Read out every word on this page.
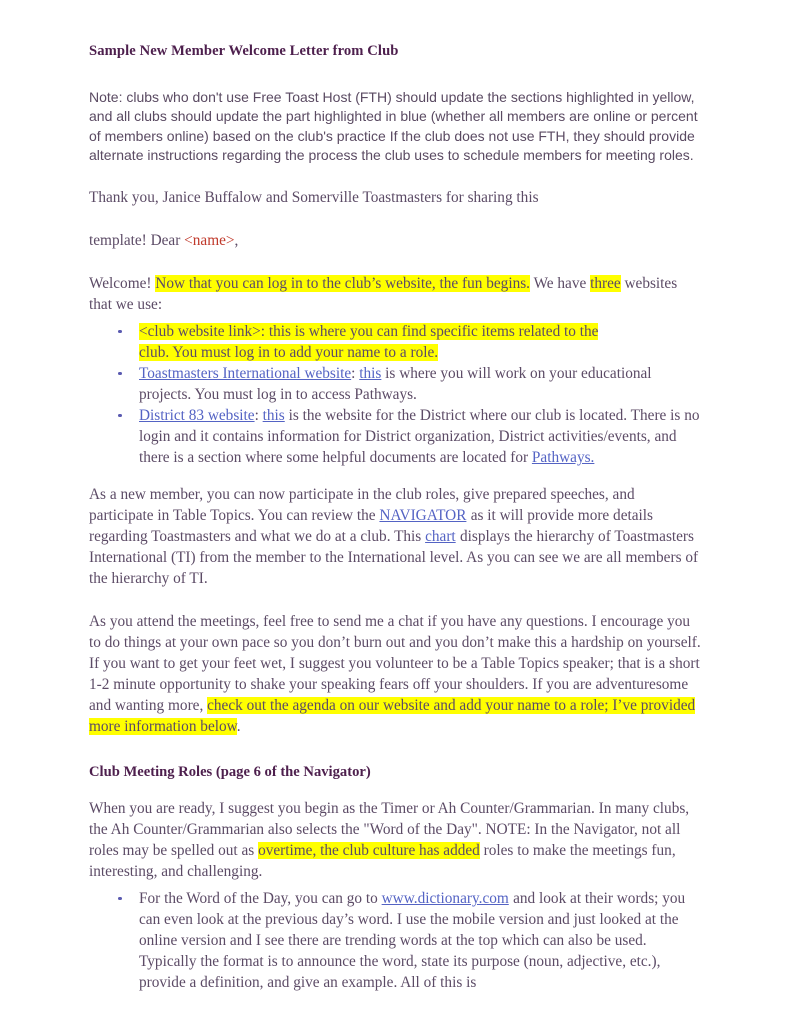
Sample New Member Welcome Letter from Club

Note: clubs who don't use Free Toast Host (FTH) should update the sections highlighted in yellow, and all clubs should update the part highlighted in blue (whether all members are online or percent of members online) based on the club's practice If the club does not use FTH, they should provide alternate instructions regarding the process the club uses to schedule members for meeting roles.

Thank you, Janice Buffalow and Somerville Toastmasters for sharing this

template! Dear <name>,

Welcome! Now that you can log in to the club’s website, the fun begins. We have three websites that we use:

<club website link>: this is where you can find specific items related to the
club. You must log in to add your name to a role.
Toastmasters International website: this is where you will work on your educational projects. You must log in to access Pathways.
District 83 website: this is the website for the District where our club is located. There is no login and it contains information for District organization, District activities/events, and there is a section where some helpful documents are located for Pathways.

As a new member, you can now participate in the club roles, give prepared speeches, and participate in Table Topics. You can review the NAVIGATOR as it will provide more details regarding Toastmasters and what we do at a club. This chart displays the hierarchy of Toastmasters International (TI) from the member to the International level. As you can see we are all members of the hierarchy of TI.

As you attend the meetings, feel free to send me a chat if you have any questions. I encourage you to do things at your own pace so you don’t burn out and you don’t make this a hardship on yourself. If you want to get your feet wet, I suggest you volunteer to be a Table Topics speaker; that is a short 1-2 minute opportunity to shake your speaking fears off your shoulders. If you are adventuresome and wanting more, check out the agenda on our website and add your name to a role; I’ve provided more information below.

Club Meeting Roles (page 6 of the Navigator)

When you are ready, I suggest you begin as the Timer or Ah Counter/Grammarian. In many clubs, the Ah Counter/Grammarian also selects the "Word of the Day". NOTE: In the Navigator, not all roles may be spelled out as overtime, the club culture has added roles to make the meetings fun, interesting, and challenging.

For the Word of the Day, you can go to www.dictionary.com and look at their words; you can even look at the previous day’s word. I use the mobile version and just looked at the online version and I see there are trending words at the top which can also be used. Typically the format is to announce the word, state its purpose (noun, adjective, etc.), provide a definition, and give an example. All of this is
